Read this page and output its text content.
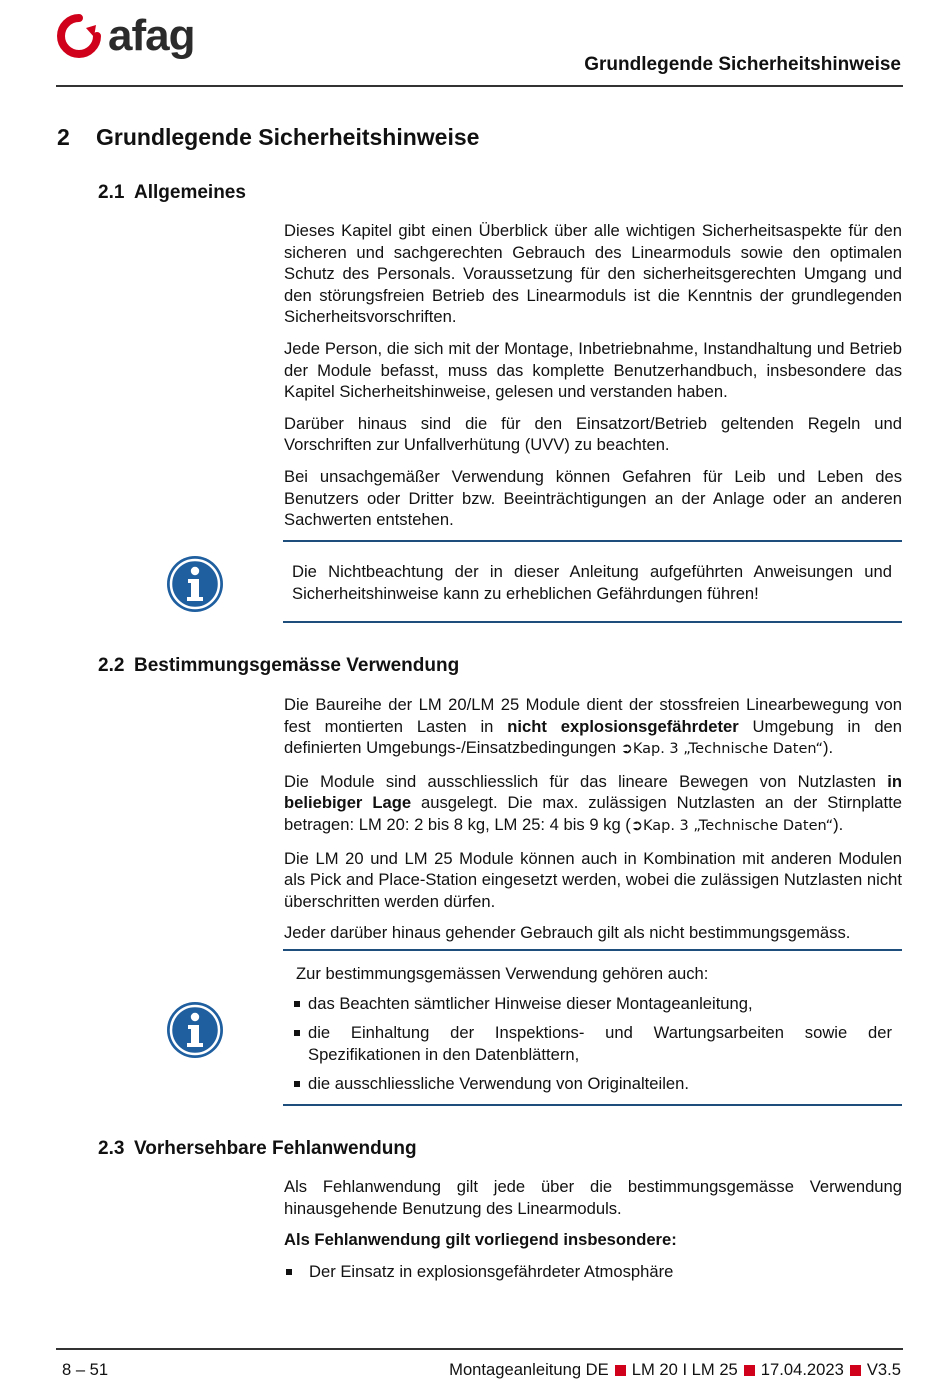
afag
Grundlegende Sicherheitshinweise
2 Grundlegende Sicherheitshinweise
2.1 Allgemeines

Dieses Kapitel gibt einen Überblick über alle wichtigen Sicherheitsaspekte für den sicheren und sachgerechten Gebrauch des Linearmoduls sowie den optimalen Schutz des Personals. Voraussetzung für den sicherheitsgerechten Umgang und den störungsfreien Betrieb des Linearmoduls ist die Kenntnis der grundlegenden Sicherheitsvorschriften.

Jede Person, die sich mit der Montage, Inbetriebnahme, Instandhaltung und Betrieb der Module befasst, muss das komplette Benutzerhandbuch, insbesondere das Kapitel Sicherheitshinweise, gelesen und verstanden haben.

Darüber hinaus sind die für den Einsatzort/Betrieb geltenden Regeln und Vorschriften zur Unfallverhütung (UVV) zu beachten.

Bei unsachgemäßer Verwendung können Gefahren für Leib und Leben des Benutzers oder Dritter bzw. Beeinträchtigungen an der Anlage oder an anderen Sachwerten entstehen.

Die Nichtbeachtung der in dieser Anleitung aufgeführten Anweisungen und Sicherheitshinweise kann zu erheblichen Gefährdungen führen!

2.2 Bestimmungsgemässe Verwendung

Die Baureihe der LM 20/LM 25 Module dient der stossfreien Linearbewegung von fest montierten Lasten in nicht explosionsgefährdeter Umgebung in den definierten Umgebungs-/Einsatzbedingungen ➲Kap. 3 „Technische Daten“).

Die Module sind ausschliesslich für das lineare Bewegen von Nutzlasten in beliebiger Lage ausgelegt. Die max. zulässigen Nutzlasten an der Stirnplatte betragen: LM 20: 2 bis 8 kg, LM 25: 4 bis 9 kg (➲Kap. 3 „Technische Daten“).

Die LM 20 und LM 25 Module können auch in Kombination mit anderen Modulen als Pick and Place-Station eingesetzt werden, wobei die zulässigen Nutzlasten nicht überschritten werden dürfen.

Jeder darüber hinaus gehender Gebrauch gilt als nicht bestimmungsgemäss.

Zur bestimmungsgemässen Verwendung gehören auch:

das Beachten sämtlicher Hinweise dieser Montageanleitung,
die Einhaltung der Inspektions- und Wartungsarbeiten sowie der Spezifikationen in den Datenblättern,
die ausschliessliche Verwendung von Originalteilen.
2.3 Vorhersehbare Fehlanwendung

Als Fehlanwendung gilt jede über die bestimmungsgemässe Verwendung hinausgehende Benutzung des Linearmoduls.

Als Fehlanwendung gilt vorliegend insbesondere:

Der Einsatz in explosionsgefährdeter Atmosphäre
8 – 51	Montageanleitung DE LM 20 I LM 25 17.04.2023 V3.5
